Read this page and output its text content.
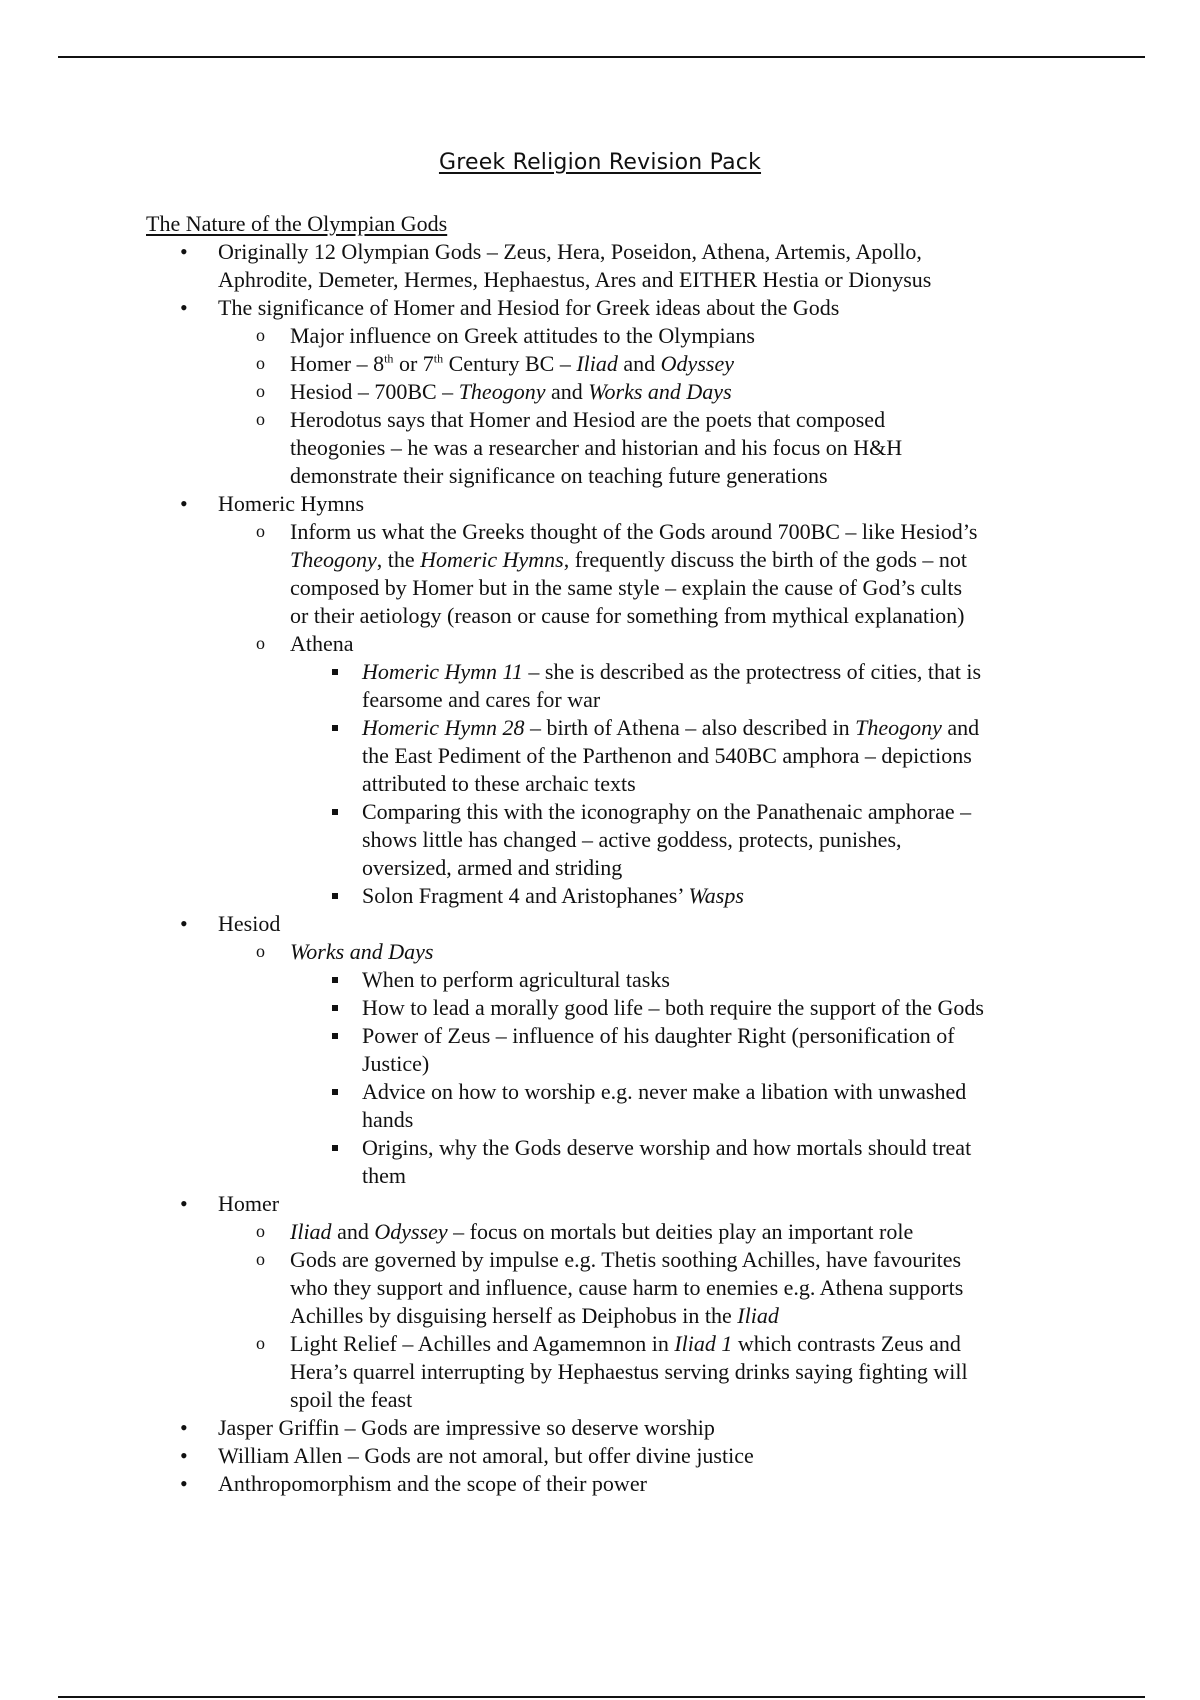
Greek Religion Revision Pack
The Nature of the Olympian Gods
• Originally 12 Olympian Gods – Zeus, Hera, Poseidon, Athena, Artemis, Apollo,
Aphrodite, Demeter, Hermes, Hephaestus, Ares and EITHER Hestia or Dionysus
• The significance of Homer and Hesiod for Greek ideas about the Gods
o Major influence on Greek attitudes to the Olympians
o Homer – 8th or 7th Century BC – Iliad and Odyssey
o Hesiod – 700BC – Theogony and Works and Days
o Herodotus says that Homer and Hesiod are the poets that composed
theogonies – he was a researcher and historian and his focus on H&H
demonstrate their significance on teaching future generations
• Homeric Hymns
o Inform us what the Greeks thought of the Gods around 700BC – like Hesiod’s
Theogony, the Homeric Hymns, frequently discuss the birth of the gods – not
composed by Homer but in the same style – explain the cause of God’s cults
or their aetiology (reason or cause for something from mythical explanation)
o Athena
Homeric Hymn 11 – she is described as the protectress of cities, that is
fearsome and cares for war
Homeric Hymn 28 – birth of Athena – also described in Theogony and
the East Pediment of the Parthenon and 540BC amphora – depictions
attributed to these archaic texts
Comparing this with the iconography on the Panathenaic amphorae –
shows little has changed – active goddess, protects, punishes,
oversized, armed and striding
Solon Fragment 4 and Aristophanes’ Wasps
• Hesiod
o Works and Days
When to perform agricultural tasks
How to lead a morally good life – both require the support of the Gods
Power of Zeus – influence of his daughter Right (personification of
Justice)
Advice on how to worship e.g. never make a libation with unwashed
hands
Origins, why the Gods deserve worship and how mortals should treat
them
• Homer
o Iliad and Odyssey – focus on mortals but deities play an important role
o Gods are governed by impulse e.g. Thetis soothing Achilles, have favourites
who they support and influence, cause harm to enemies e.g. Athena supports
Achilles by disguising herself as Deiphobus in the Iliad
o Light Relief – Achilles and Agamemnon in Iliad 1 which contrasts Zeus and
Hera’s quarrel interrupting by Hephaestus serving drinks saying fighting will
spoil the feast
• Jasper Griffin – Gods are impressive so deserve worship
• William Allen – Gods are not amoral, but offer divine justice
• Anthropomorphism and the scope of their power
